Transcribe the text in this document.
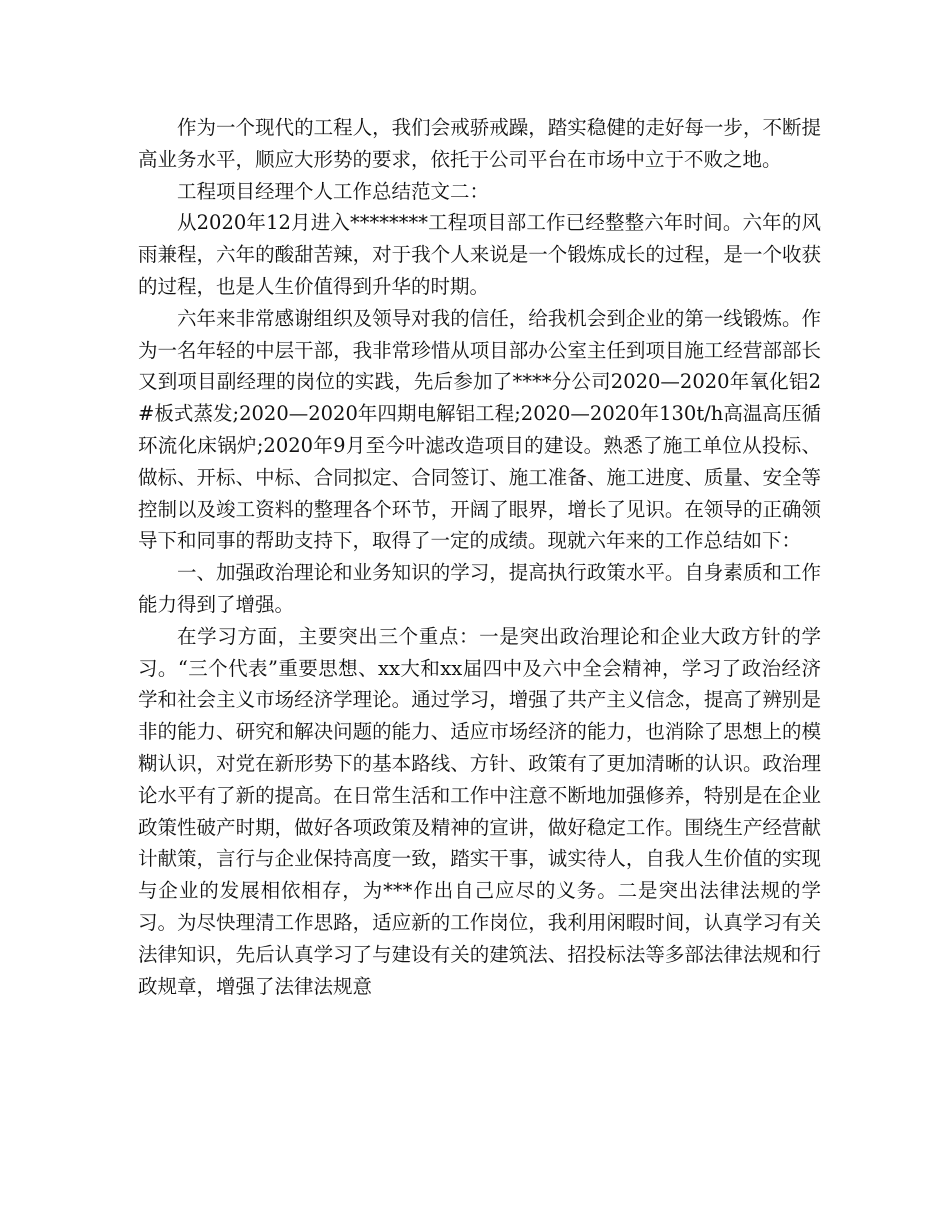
作为一个现代的工程人，我们会戒骄戒躁，踏实稳健的走好每一步，不断提高业务水平，顺应大形势的要求，依托于公司平台在市场中立于不败之地。

工程项目经理个人工作总结范文二：

从2020年12月进入********工程项目部工作已经整整六年时间。六年的风雨兼程，六年的酸甜苦辣，对于我个人来说是一个锻炼成长的过程，是一个收获的过程，也是人生价值得到升华的时期。

六年来非常感谢组织及领导对我的信任，给我机会到企业的第一线锻炼。作为一名年轻的中层干部，我非常珍惜从项目部办公室主任到项目施工经营部部长又到项目副经理的岗位的实践，先后参加了****分公司2020—2020年氧化铝2#板式蒸发;2020—2020年四期电解铝工程;2020—2020年130t/h高温高压循环流化床锅炉;2020年9月至今叶滤改造项目的建设。熟悉了施工单位从投标、做标、开标、中标、合同拟定、合同签订、施工准备、施工进度、质量、安全等控制以及竣工资料的整理各个环节，开阔了眼界，增长了见识。在领导的正确领导下和同事的帮助支持下，取得了一定的成绩。现就六年来的工作总结如下：

一、加强政治理论和业务知识的学习，提高执行政策水平。自身素质和工作能力得到了增强。

在学习方面，主要突出三个重点：一是突出政治理论和企业大政方针的学习。“三个代表”重要思想、xx大和xx届四中及六中全会精神，学习了政治经济学和社会主义市场经济学理论。通过学习，增强了共产主义信念，提高了辨别是非的能力、研究和解决问题的能力、适应市场经济的能力，也消除了思想上的模糊认识，对党在新形势下的基本路线、方针、政策有了更加清晰的认识。政治理论水平有了新的提高。在日常生活和工作中注意不断地加强修养，特别是在企业政策性破产时期，做好各项政策及精神的宣讲，做好稳定工作。围绕生产经营献计献策，言行与企业保持高度一致，踏实干事，诚实待人，自我人生价值的实现与企业的发展相依相存，为***作出自己应尽的义务。二是突出法律法规的学习。为尽快理清工作思路，适应新的工作岗位，我利用闲暇时间，认真学习有关法律知识，先后认真学习了与建设有关的建筑法、招投标法等多部法律法规和行政规章，增强了法律法规意
